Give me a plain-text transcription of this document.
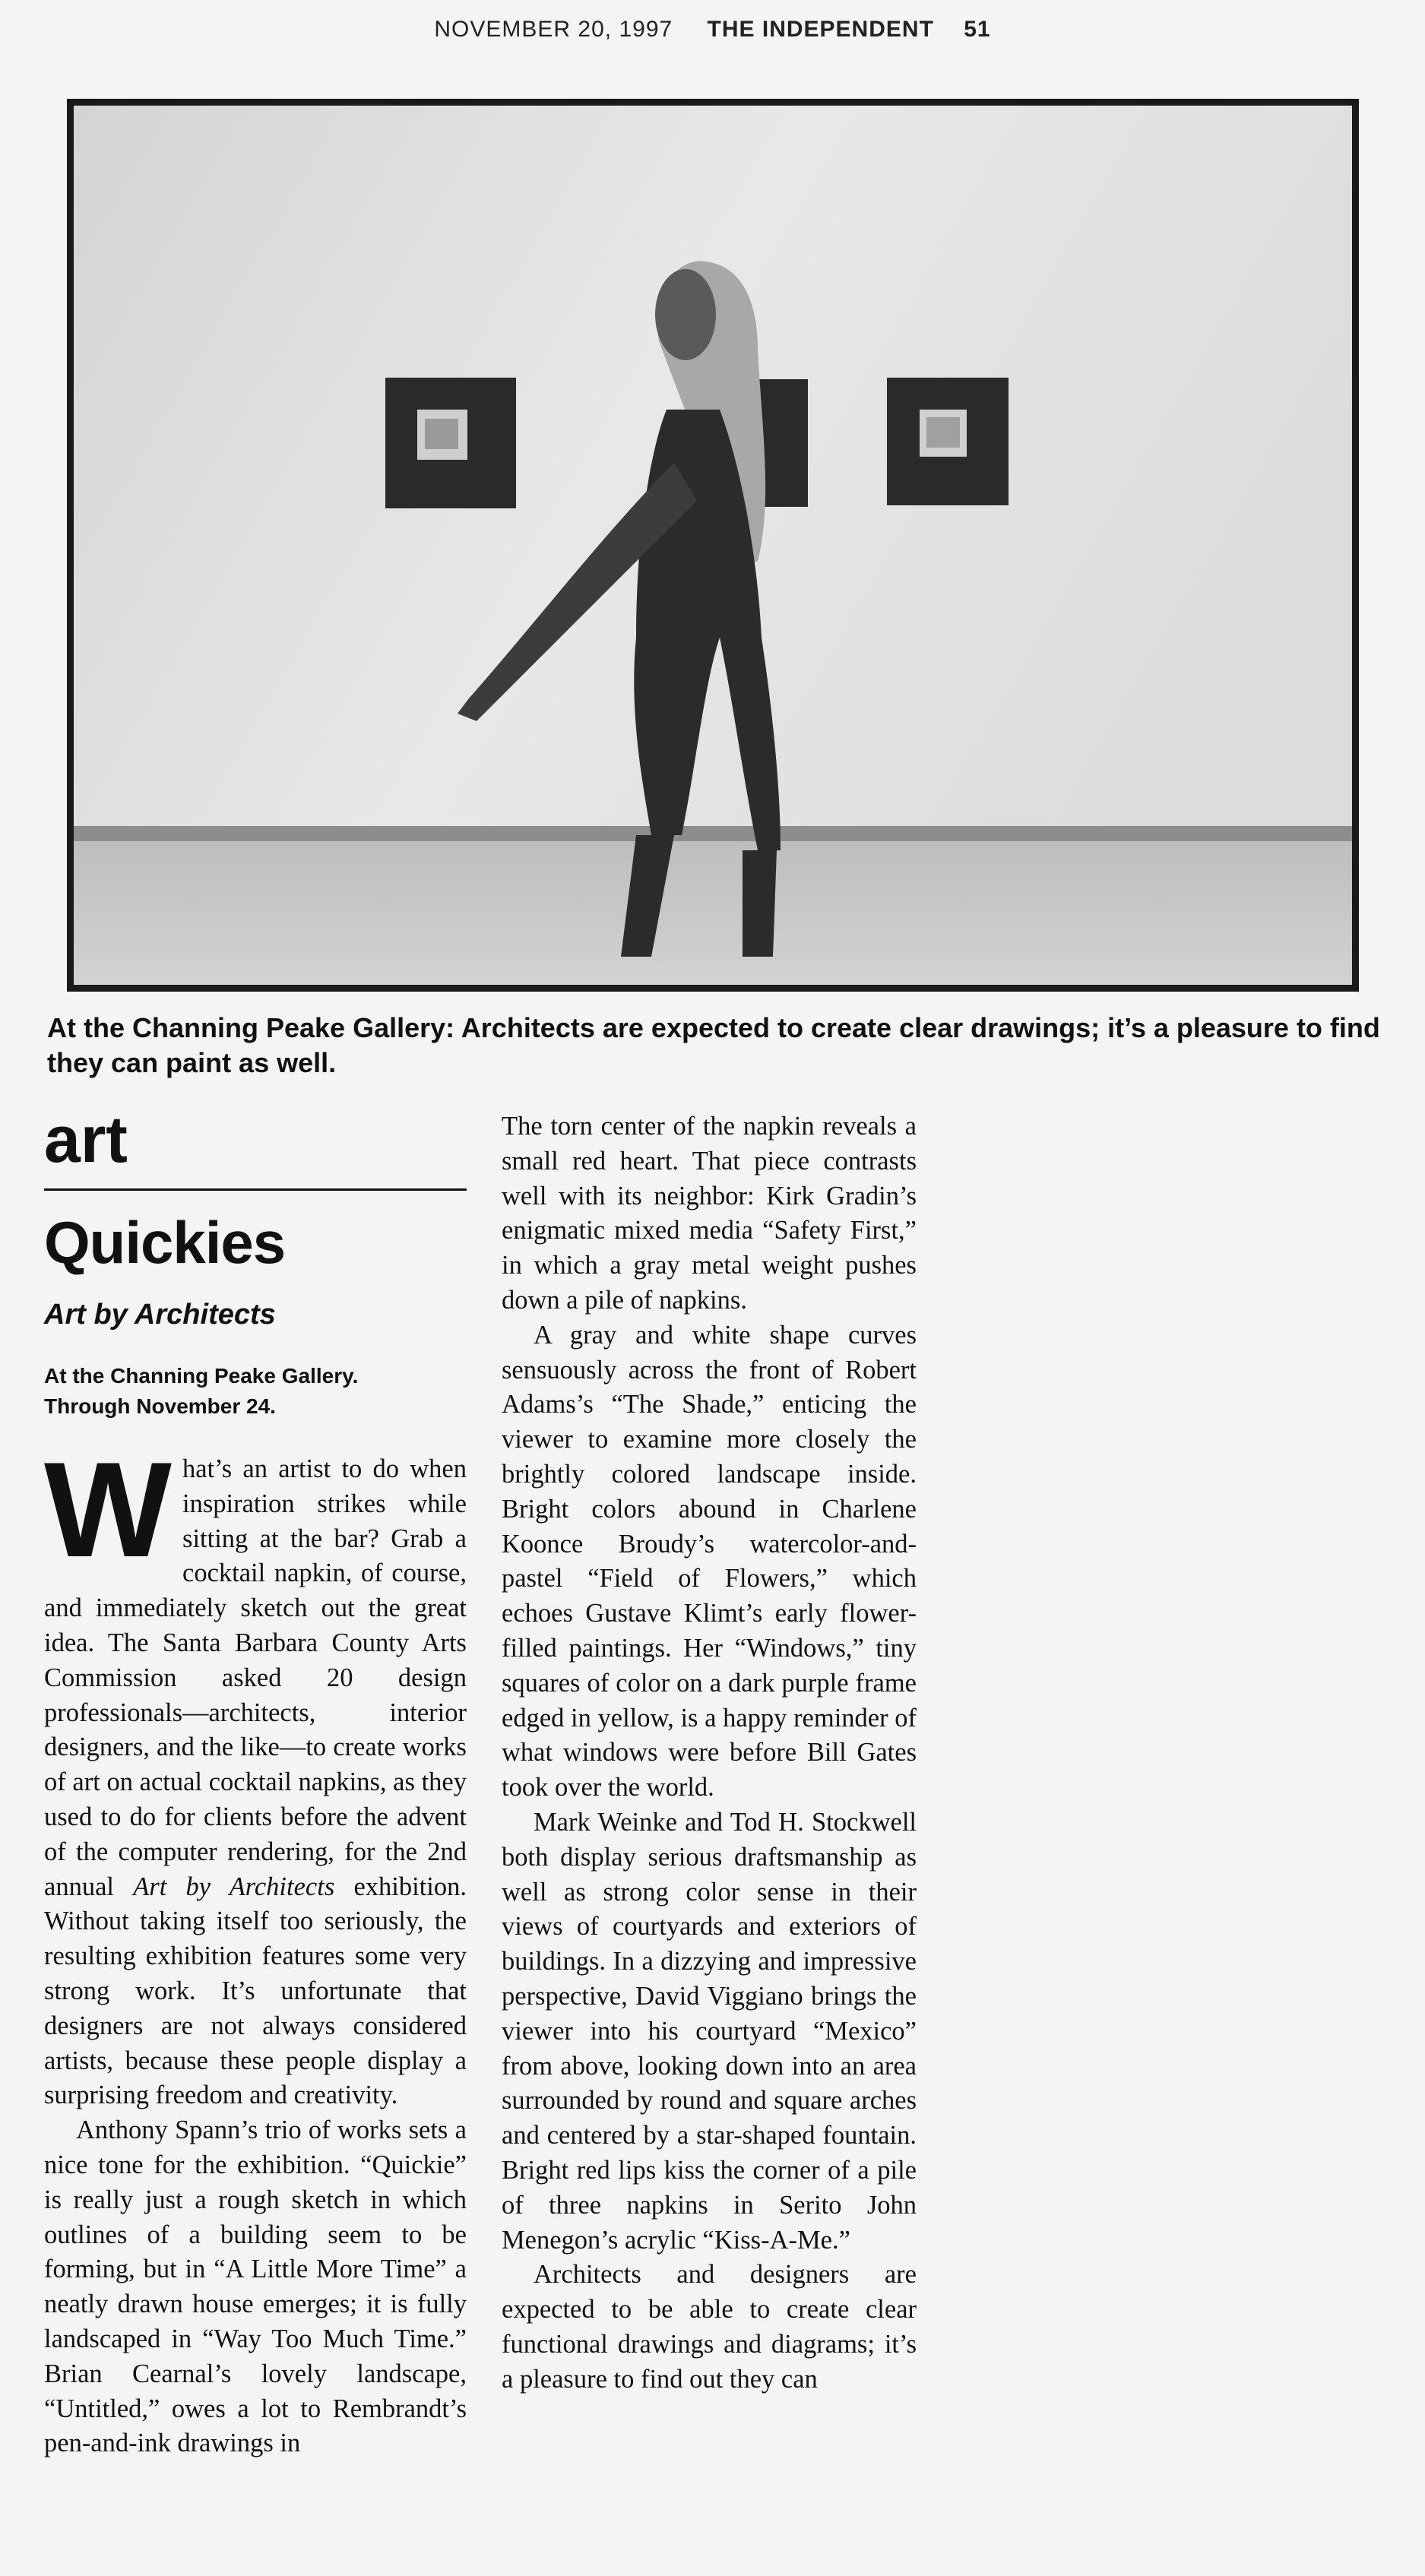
NOVEMBER 20, 1997 THE INDEPENDENT 51
At the Channing Peake Gallery: Architects are expected to create clear drawings; it’s a pleasure to find they can paint as well.
art
Quickies
Art by Architects
At the Channing Peake Gallery.
Through November 24.

What’s an artist to do when inspiration strikes while sitting at the bar? Grab a cocktail napkin, of course, and immediately sketch out the great idea. The Santa Barbara County Arts Commission asked 20 design professionals—architects, interior designers, and the like—to create works of art on actual cocktail napkins, as they used to do for clients before the advent of the computer rendering, for the 2nd annual Art by Architects exhibition. Without taking itself too seriously, the resulting exhibition features some very strong work. It’s unfortunate that designers are not always considered artists, because these people display a surprising freedom and creativity.

Anthony Spann’s trio of works sets a nice tone for the exhibition. “Quickie” is really just a rough sketch in which outlines of a building seem to be forming, but in “A Little More Time” a neatly drawn house emerges; it is fully landscaped in “Way Too Much Time.” Brian Cearnal’s lovely landscape, “Untitled,” owes a lot to Rembrandt’s pen-and-ink drawings in

The torn center of the napkin reveals a small red heart. That piece contrasts well with its neighbor: Kirk Gradin’s enigmatic mixed media “Safety First,” in which a gray metal weight pushes down a pile of napkins.

A gray and white shape curves sensuously across the front of Robert Adams’s “The Shade,” enticing the viewer to examine more closely the brightly colored landscape inside. Bright colors abound in Charlene Koonce Broudy’s watercolor-and-pastel “Field of Flowers,” which echoes Gustave Klimt’s early flower-filled paintings. Her “Windows,” tiny squares of color on a dark purple frame edged in yellow, is a happy reminder of what windows were before Bill Gates took over the world.

Mark Weinke and Tod H. Stockwell both display serious draftsmanship as well as strong color sense in their views of courtyards and exteriors of buildings. In a dizzying and impressive perspective, David Viggiano brings the viewer into his courtyard “Mexico” from above, looking down into an area surrounded by round and square arches and centered by a star-shaped fountain. Bright red lips kiss the corner of a pile of three napkins in Serito John Menegon’s acrylic “Kiss-A-Me.”

Architects and designers are expected to be able to create clear functional drawings and diagrams; it’s a pleasure to find out they can
